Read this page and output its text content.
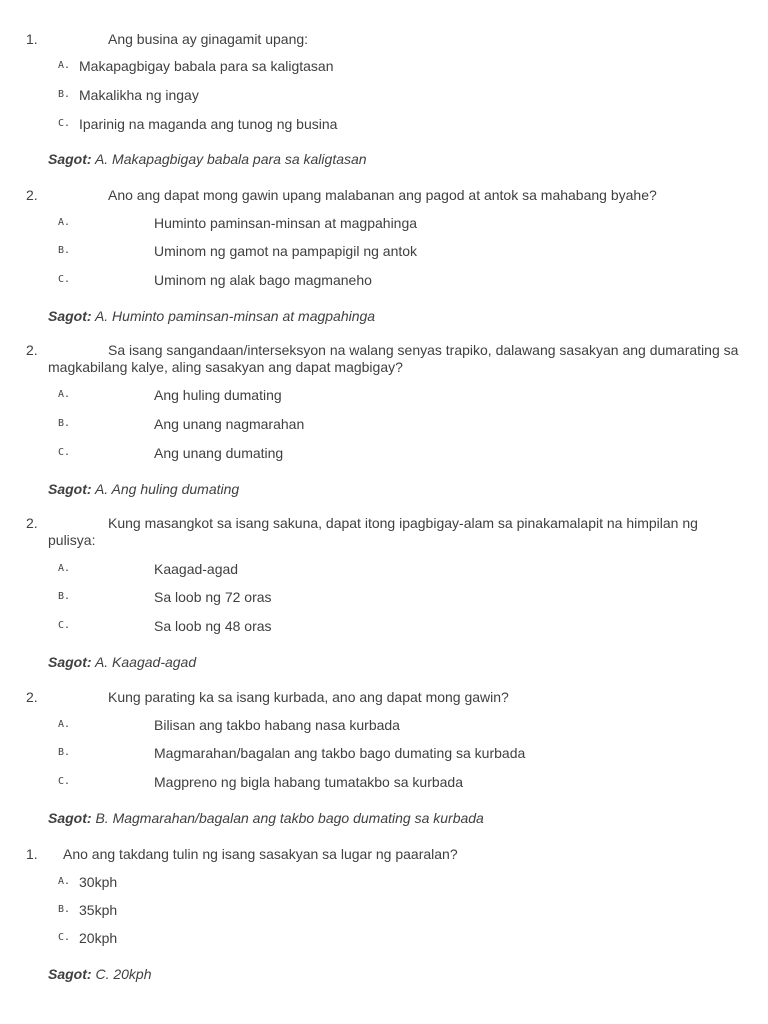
1.	Ang busina ay ginagamit upang:
A. Makapagbigay babala para sa kaligtasan
B. Makalikha ng ingay
C. Iparinig na maganda ang tunog ng busina
Sagot: A. Makapagbigay babala para sa kaligtasan
2.	Ano ang dapat mong gawin upang malabanan ang pagod at antok sa mahabang byahe?
A.	Huminto paminsan-minsan at magpahinga
B.	Uminom ng gamot na pampapigil ng antok
C.	Uminom ng alak bago magmaneho
Sagot: A. Huminto paminsan-minsan at magpahinga
2.	Sa isang sangandaan/interseksyon na walang senyas trapiko, dalawang sasakyan ang dumarating sa magkabilang kalye, aling sasakyan ang dapat magbigay?
A.	Ang huling dumating
B.	Ang unang nagmarahan
C.	Ang unang dumating
Sagot: A. Ang huling dumating
2.	Kung masangkot sa isang sakuna, dapat itong ipagbigay-alam sa pinakamalapit na himpilan ng pulisya:
A.	Kaagad-agad
B.	Sa loob ng 72 oras
C.	Sa loob ng 48 oras
Sagot: A. Kaagad-agad
2.	Kung parating ka sa isang kurbada, ano ang dapat mong gawin?
A.	Bilisan ang takbo habang nasa kurbada
B.	Magmarahan/bagalan ang takbo bago dumating sa kurbada
C.	Magpreno ng bigla habang tumatakbo sa kurbada
Sagot: B. Magmarahan/bagalan ang takbo bago dumating sa kurbada
1. Ano ang takdang tulin ng isang sasakyan sa lugar ng paaralan?
A. 30kph
B. 35kph
C. 20kph
Sagot: C. 20kph
